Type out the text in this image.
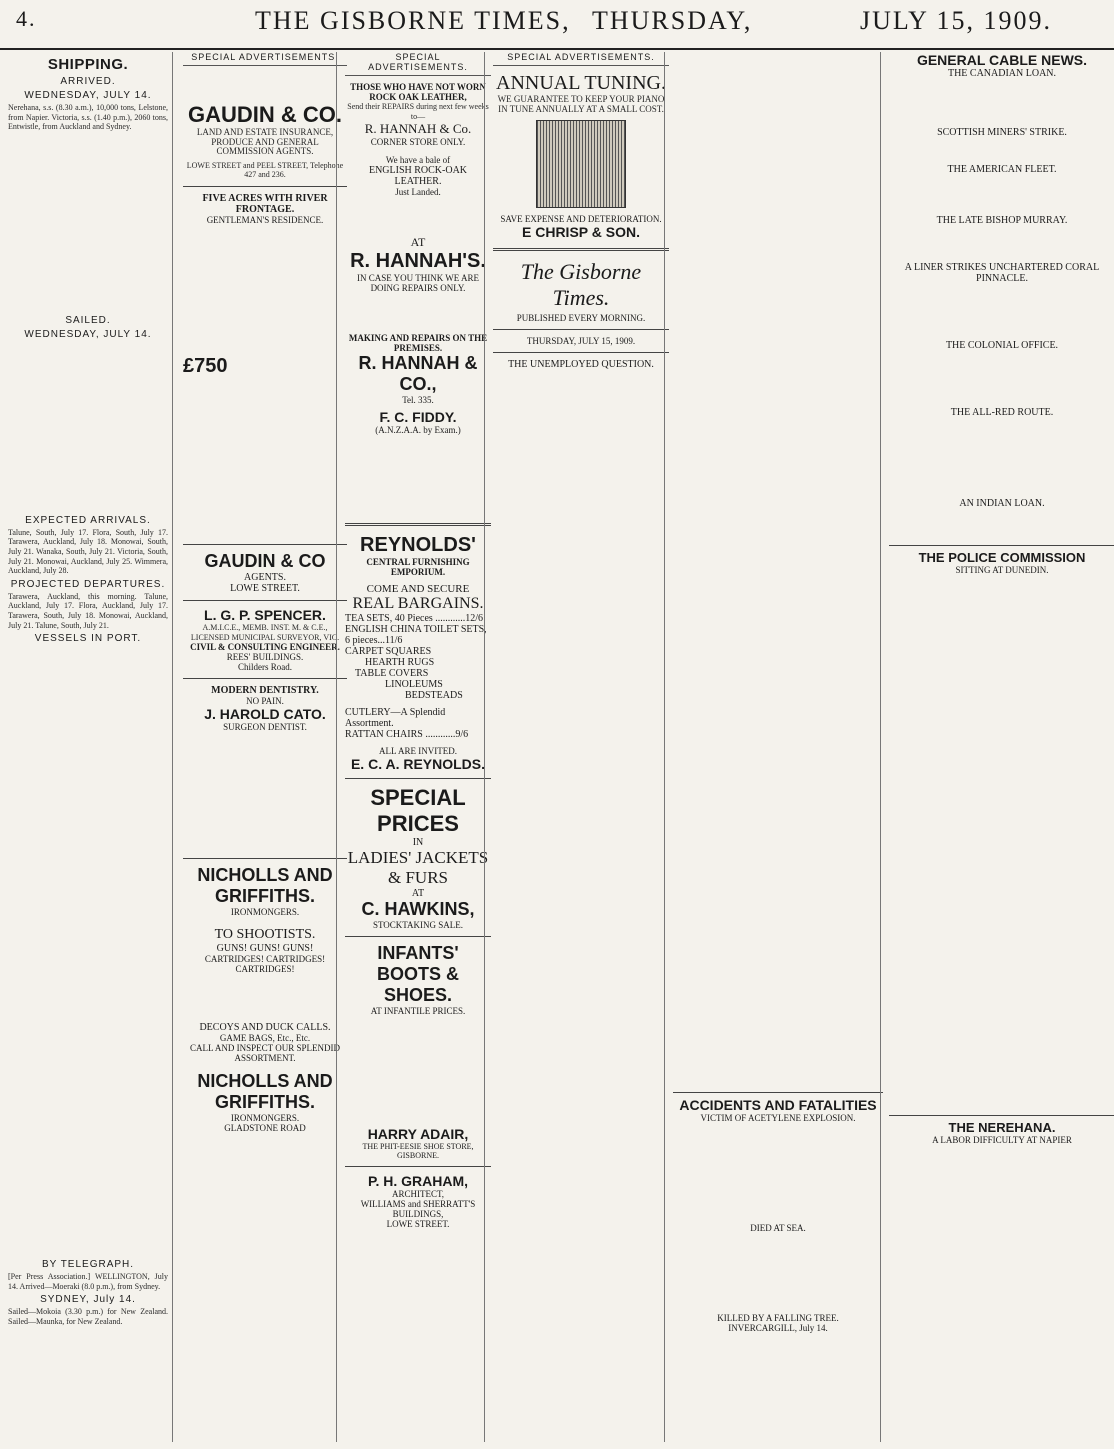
4.	THE GISBORNE TIMES, THURSDAY,	JULY 15, 1909.
SHIPPING.
ARRIVED.
WEDNESDAY, JULY 14.
Nerehana, s.s. (8.30 a.m.), 10,000 tons, Lelstone, from Napier. Victoria, s.s. (1.40 p.m.), 2060 tons, Entwistle, from Auckland and Sydney.
SAILED.
WEDNESDAY, JULY 14.
EXPECTED ARRIVALS.
Talune, South, July 17. Flora, South, July 17. Tarawera, Auckland, July 18. Monowai, South, July 21. Wanaka, South, July 21. Victoria, South, July 21. Monowai, Auckland, July 25. Wimmera, Auckland, July 28.
PROJECTED DEPARTURES.
Tarawera, Auckland, this morning. Talune, Auckland, July 17. Flora, Auckland, July 17. Tarawera, South, July 18. Monowai, Auckland, July 21. Talune, South, July 21.
VESSELS IN PORT.
BY TELEGRAPH.
[Per Press Association.] WELLINGTON, July 14. Arrived—Moeraki (8.0 p.m.), from Sydney.
SYDNEY, July 14.
Sailed—Mokoia (3.30 p.m.) for New Zealand. Sailed—Maunka, for New Zealand.
SPECIAL ADVERTISEMENTS.
GAUDIN & CO.
LAND AND ESTATE INSURANCE, PRODUCE AND GENERAL COMMISSION AGENTS.
LOWE STREET and PEEL STREET, Telephone 427 and 236.
FIVE ACRES WITH RIVER FRONTAGE.
GENTLEMAN'S RESIDENCE.
£750
GAUDIN & CO
AGENTS.
LOWE STREET.
L. G. P. SPENCER.
A.M.I.C.E., MEMB. INST. M. & C.E., LICENSED MUNICIPAL SURVEYOR, VIC.
CIVIL & CONSULTING ENGINEER.
REES' BUILDINGS.
Childers Road.
MODERN DENTISTRY.
NO PAIN.
J. HAROLD CATO.
SURGEON DENTIST.
NICHOLLS AND GRIFFITHS.
IRONMONGERS.
TO SHOOTISTS.
GUNS! GUNS! GUNS!
CARTRIDGES! CARTRIDGES! CARTRIDGES!
DECOYS AND DUCK CALLS.
GAME BAGS, Etc., Etc.
CALL AND INSPECT OUR SPLENDID ASSORTMENT.
NICHOLLS AND GRIFFITHS.
IRONMONGERS.
GLADSTONE ROAD
SPECIAL ADVERTISEMENTS.
THOSE WHO HAVE NOT WORN ROCK OAK LEATHER,
Send their REPAIRS during next few weeks to—
R. HANNAH & Co.
CORNER STORE ONLY.
We have a bale of
ENGLISH ROCK-OAK LEATHER.
Just Landed.
AT
R. HANNAH'S.
IN CASE YOU THINK WE ARE DOING REPAIRS ONLY.
MAKING AND REPAIRS ON THE PREMISES.
R. HANNAH & CO.,
Tel. 335.
F. C. FIDDY.
(A.N.Z.A.A. by Exam.)
REYNOLDS'
CENTRAL FURNISHING EMPORIUM.
COME AND SECURE
REAL BARGAINS.
TEA SETS, 40 Pieces ............12/6
ENGLISH CHINA TOILET SETS, 6 pieces...11/6
CARPET SQUARES
HEARTH RUGS
TABLE COVERS
LINOLEUMS
BEDSTEADS
CUTLERY—A Splendid Assortment.
RATTAN CHAIRS ............9/6
ALL ARE INVITED.
E. C. A. REYNOLDS.
SPECIAL PRICES
IN
LADIES' JACKETS & FURS
AT
C. HAWKINS,
STOCKTAKING SALE.
INFANTS' BOOTS & SHOES.
AT INFANTILE PRICES.
HARRY ADAIR,
THE PHIT-EESIE SHOE STORE, GISBORNE.
P. H. GRAHAM,
ARCHITECT,
WILLIAMS and SHERRATT'S
BUILDINGS,
LOWE STREET.
SPECIAL ADVERTISEMENTS.
ANNUAL TUNING.
WE GUARANTEE TO KEEP YOUR PIANO IN TUNE ANNUALLY AT A SMALL COST.
SAVE EXPENSE AND DETERIORATION.
E CHRISP & SON.
The Gisborne Times.
PUBLISHED EVERY MORNING.
THURSDAY, JULY 15, 1909.
THE UNEMPLOYED QUESTION.
ACCIDENTS AND FATALITIES
VICTIM OF ACETYLENE EXPLOSION.
DIED AT SEA.
KILLED BY A FALLING TREE.
INVERCARGILL, July 14.
GENERAL CABLE NEWS.
THE CANADIAN LOAN.
SCOTTISH MINERS' STRIKE.
THE AMERICAN FLEET.
THE LATE BISHOP MURRAY.
A LINER STRIKES UNCHARTERED CORAL PINNACLE.
THE COLONIAL OFFICE.
THE ALL-RED ROUTE.
AN INDIAN LOAN.
THE POLICE COMMISSION
SITTING AT DUNEDIN.
THE NEREHANA.
A LABOR DIFFICULTY AT NAPIER
